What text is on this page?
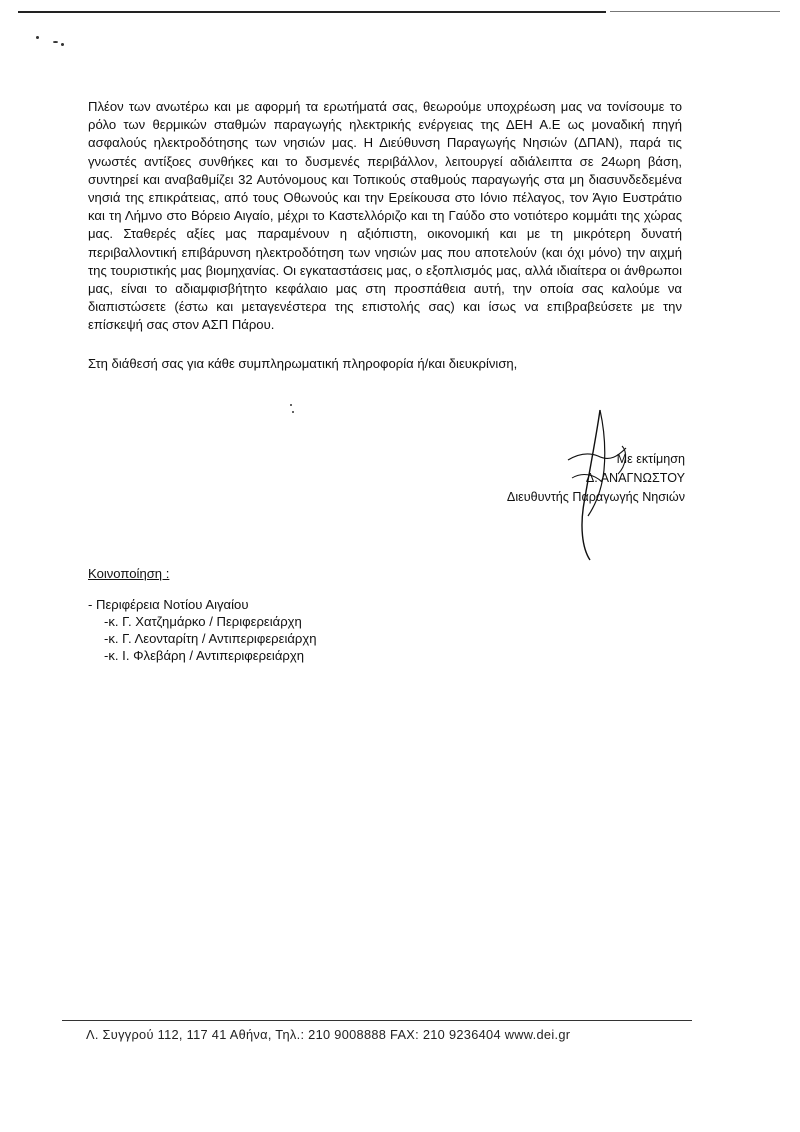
Πλέον των ανωτέρω και με αφορμή τα ερωτήματά σας, θεωρούμε υποχρέωση μας να τονίσουμε το ρόλο των θερμικών σταθμών παραγωγής ηλεκτρικής ενέργειας της ΔΕΗ Α.Ε ως μοναδική πηγή ασφαλούς ηλεκτροδότησης των νησιών μας. Η Διεύθυνση Παραγωγής Νησιών (ΔΠΑΝ), παρά τις γνωστές αντίξοες συνθήκες και το δυσμενές περιβάλλον, λειτουργεί αδιάλειπτα σε 24ωρη βάση, συντηρεί και αναβαθμίζει 32 Αυτόνομους και Τοπικούς σταθμούς παραγωγής στα μη διασυνδεδεμένα νησιά της επικράτειας, από τους Οθωνούς και την Ερείκουσα στο Ιόνιο πέλαγος, τον Άγιο Ευστράτιο και τη Λήμνο στο Βόρειο Αιγαίο, μέχρι το Καστελλόριζο και τη Γαύδο στο νοτιότερο κομμάτι της χώρας μας. Σταθερές αξίες μας παραμένουν η αξιόπιστη, οικονομική και με τη μικρότερη δυνατή περιβαλλοντική επιβάρυνση ηλεκτροδότηση των νησιών μας που αποτελούν (και όχι μόνο) την αιχμή της τουριστικής μας βιομηχανίας. Οι εγκαταστάσεις μας, ο εξοπλισμός μας, αλλά ιδιαίτερα οι άνθρωποι μας, είναι το αδιαμφισβήτητο κεφάλαιο μας στη προσπάθεια αυτή, την οποία σας καλούμε να διαπιστώσετε (έστω και μεταγενέστερα της επιστολής σας) και ίσως να επιβραβεύσετε με την επίσκεψή σας στον ΑΣΠ Πάρου.

Στη διάθεσή σας για κάθε συμπληρωματική πληροφορία ή/και διευκρίνιση,

Με εκτίμηση
Δ. ΑΝΑΓΝΩΣΤΟΥ
Διευθυντής Παραγωγής Νησιών

Κοινοποίηση :

- Περιφέρεια Νοτίου Αιγαίου
-κ. Γ. Χατζημάρκο / Περιφερειάρχη
-κ. Γ. Λεονταρίτη / Αντιπεριφερειάρχη
-κ. Ι. Φλεβάρη / Αντιπεριφερειάρχη
Λ. Συγγρού 112, 117 41 Αθήνα, Τηλ.: 210 9008888 FAX: 210 9236404 www.dei.gr
